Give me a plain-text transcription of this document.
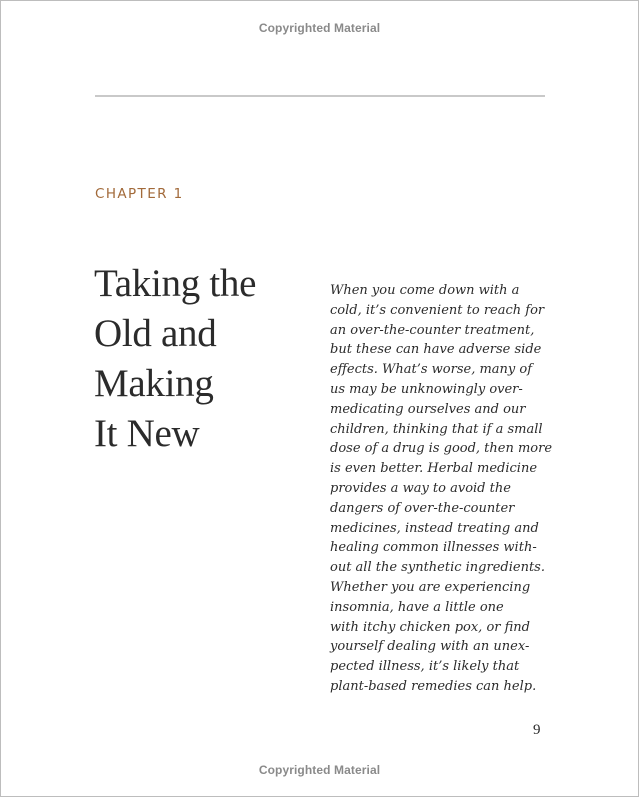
Copyrighted Material
CHAPTER 1
Taking the
Old and
Making
It New
When you come down with a
cold, it’s convenient to reach for
an over-the-counter treatment,
but these can have adverse side
effects. What’s worse, many of
us may be unknowingly over-
medicating ourselves and our
children, thinking that if a small
dose of a drug is good, then more
is even better. Herbal medicine
provides a way to avoid the
dangers of over-the-counter
medicines, instead treating and
healing common illnesses with-
out all the synthetic ingredients.
Whether you are experiencing
insomnia, have a little one
with itchy chicken pox, or find
yourself dealing with an unex-
pected illness, it’s likely that
plant-based remedies can help.
9
Copyrighted Material
